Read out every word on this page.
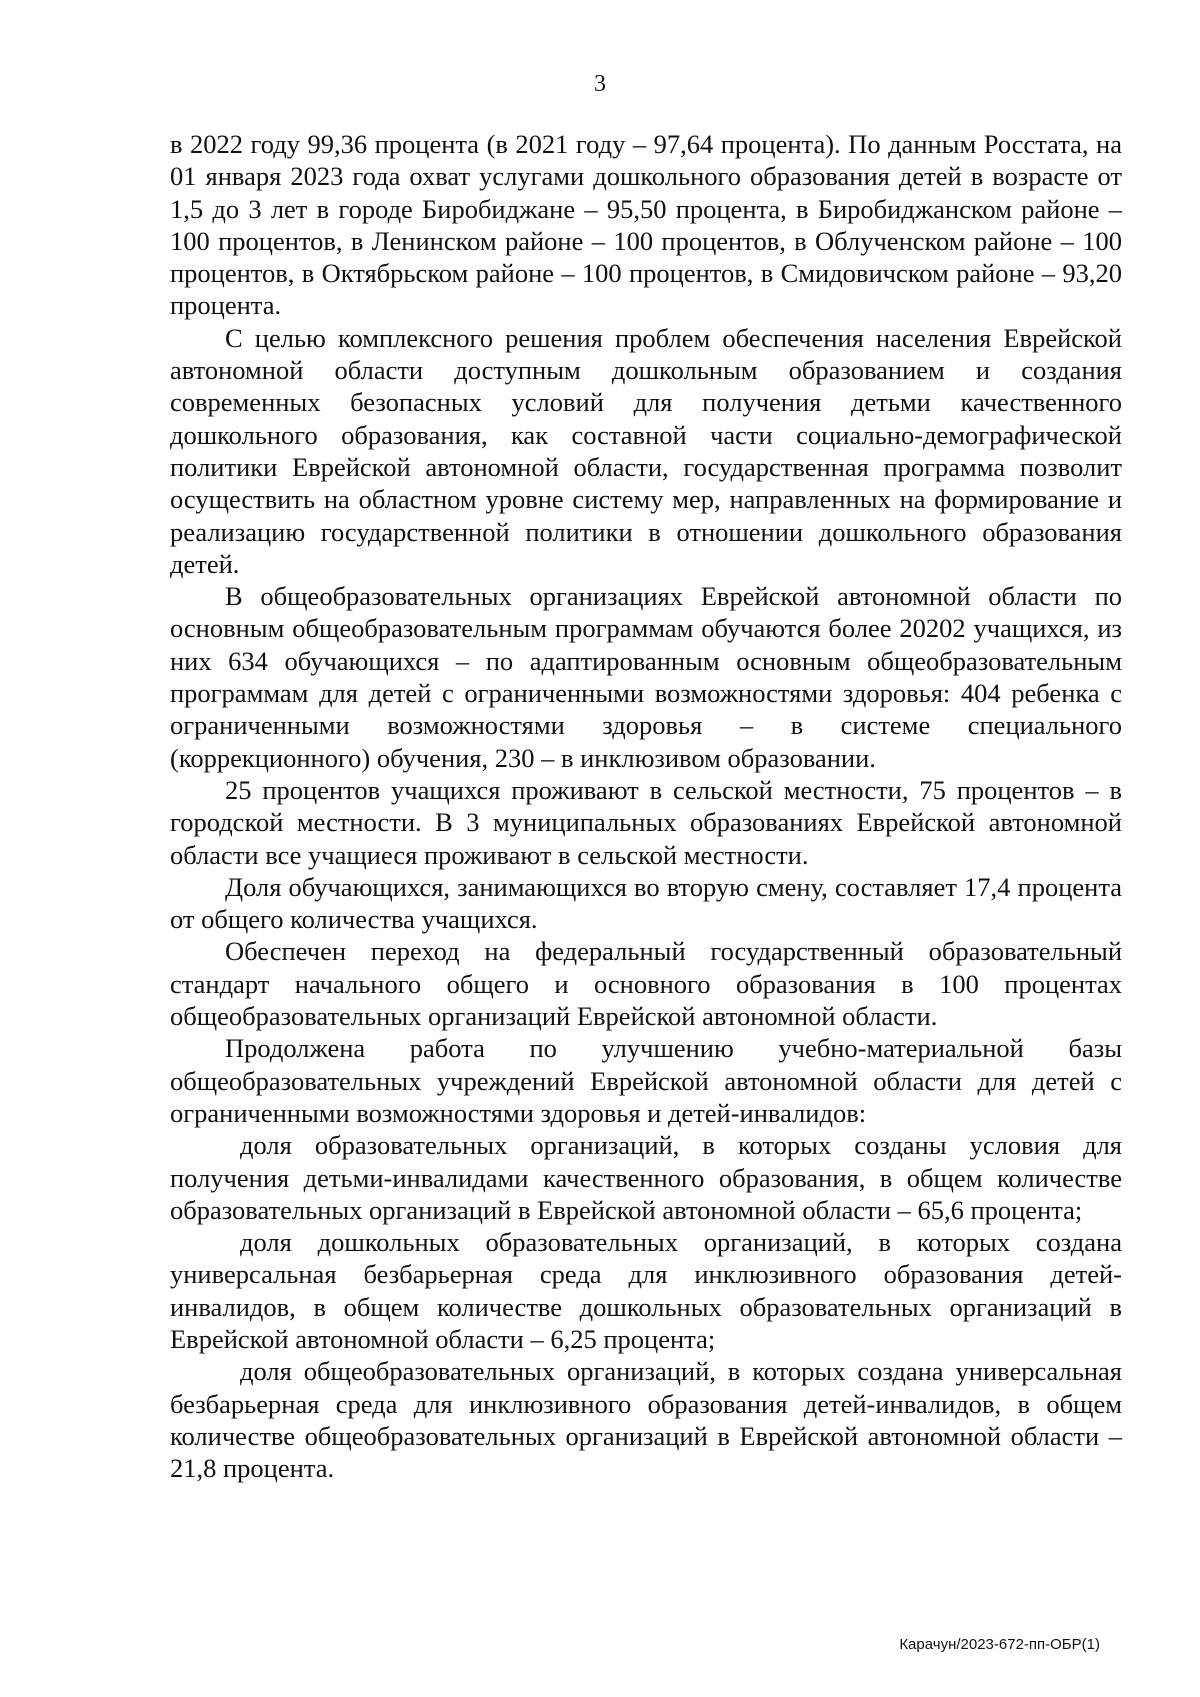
3

в 2022 году 99,36 процента (в 2021 году – 97,64 процента). По данным Росстата, на 01 января 2023 года охват услугами дошкольного образования детей в возрасте от 1,5 до 3 лет в городе Биробиджане – 95,50 процента, в Биробиджанском районе – 100 процентов, в Ленинском районе – 100 процентов, в Облученском районе – 100 процентов, в Октябрьском районе – 100 процентов, в Смидовичском районе – 93,20 процента.

С целью комплексного решения проблем обеспечения населения Еврейской автономной области доступным дошкольным образованием и создания современных безопасных условий для получения детьми качественного дошкольного образования, как составной части социально-демографической политики Еврейской автономной области, государственная программа позволит осуществить на областном уровне систему мер, направленных на формирование и реализацию государственной политики в отношении дошкольного образования детей.

В общеобразовательных организациях Еврейской автономной области по основным общеобразовательным программам обучаются более 20202 учащихся, из них 634 обучающихся – по адаптированным основным общеобразовательным программам для детей с ограниченными возможностями здоровья: 404 ребенка с ограниченными возможностями здоровья – в системе специального (коррекционного) обучения, 230 – в инклюзивом образовании.

25 процентов учащихся проживают в сельской местности, 75 процентов – в городской местности. В 3 муниципальных образованиях Еврейской автономной области все учащиеся проживают в сельской местности.

Доля обучающихся, занимающихся во вторую смену, составляет 17,4 процента от общего количества учащихся.

Обеспечен переход на федеральный государственный образовательный стандарт начального общего и основного образования в 100 процентах общеобразовательных организаций Еврейской автономной области.

Продолжена работа по улучшению учебно-материальной базы общеобразовательных учреждений Еврейской автономной области для детей с ограниченными возможностями здоровья и детей-инвалидов:

доля образовательных организаций, в которых созданы условия для получения детьми-инвалидами качественного образования, в общем количестве образовательных организаций в Еврейской автономной области – 65,6 процента;

доля дошкольных образовательных организаций, в которых создана универсальная безбарьерная среда для инклюзивного образования детей-инвалидов, в общем количестве дошкольных образовательных организаций в Еврейской автономной области – 6,25 процента;

доля общеобразовательных организаций, в которых создана универсальная безбарьерная среда для инклюзивного образования детей-инвалидов, в общем количестве общеобразовательных организаций в Еврейской автономной области – 21,8 процента.

Карачун/2023-672-пп-ОБР(1)
